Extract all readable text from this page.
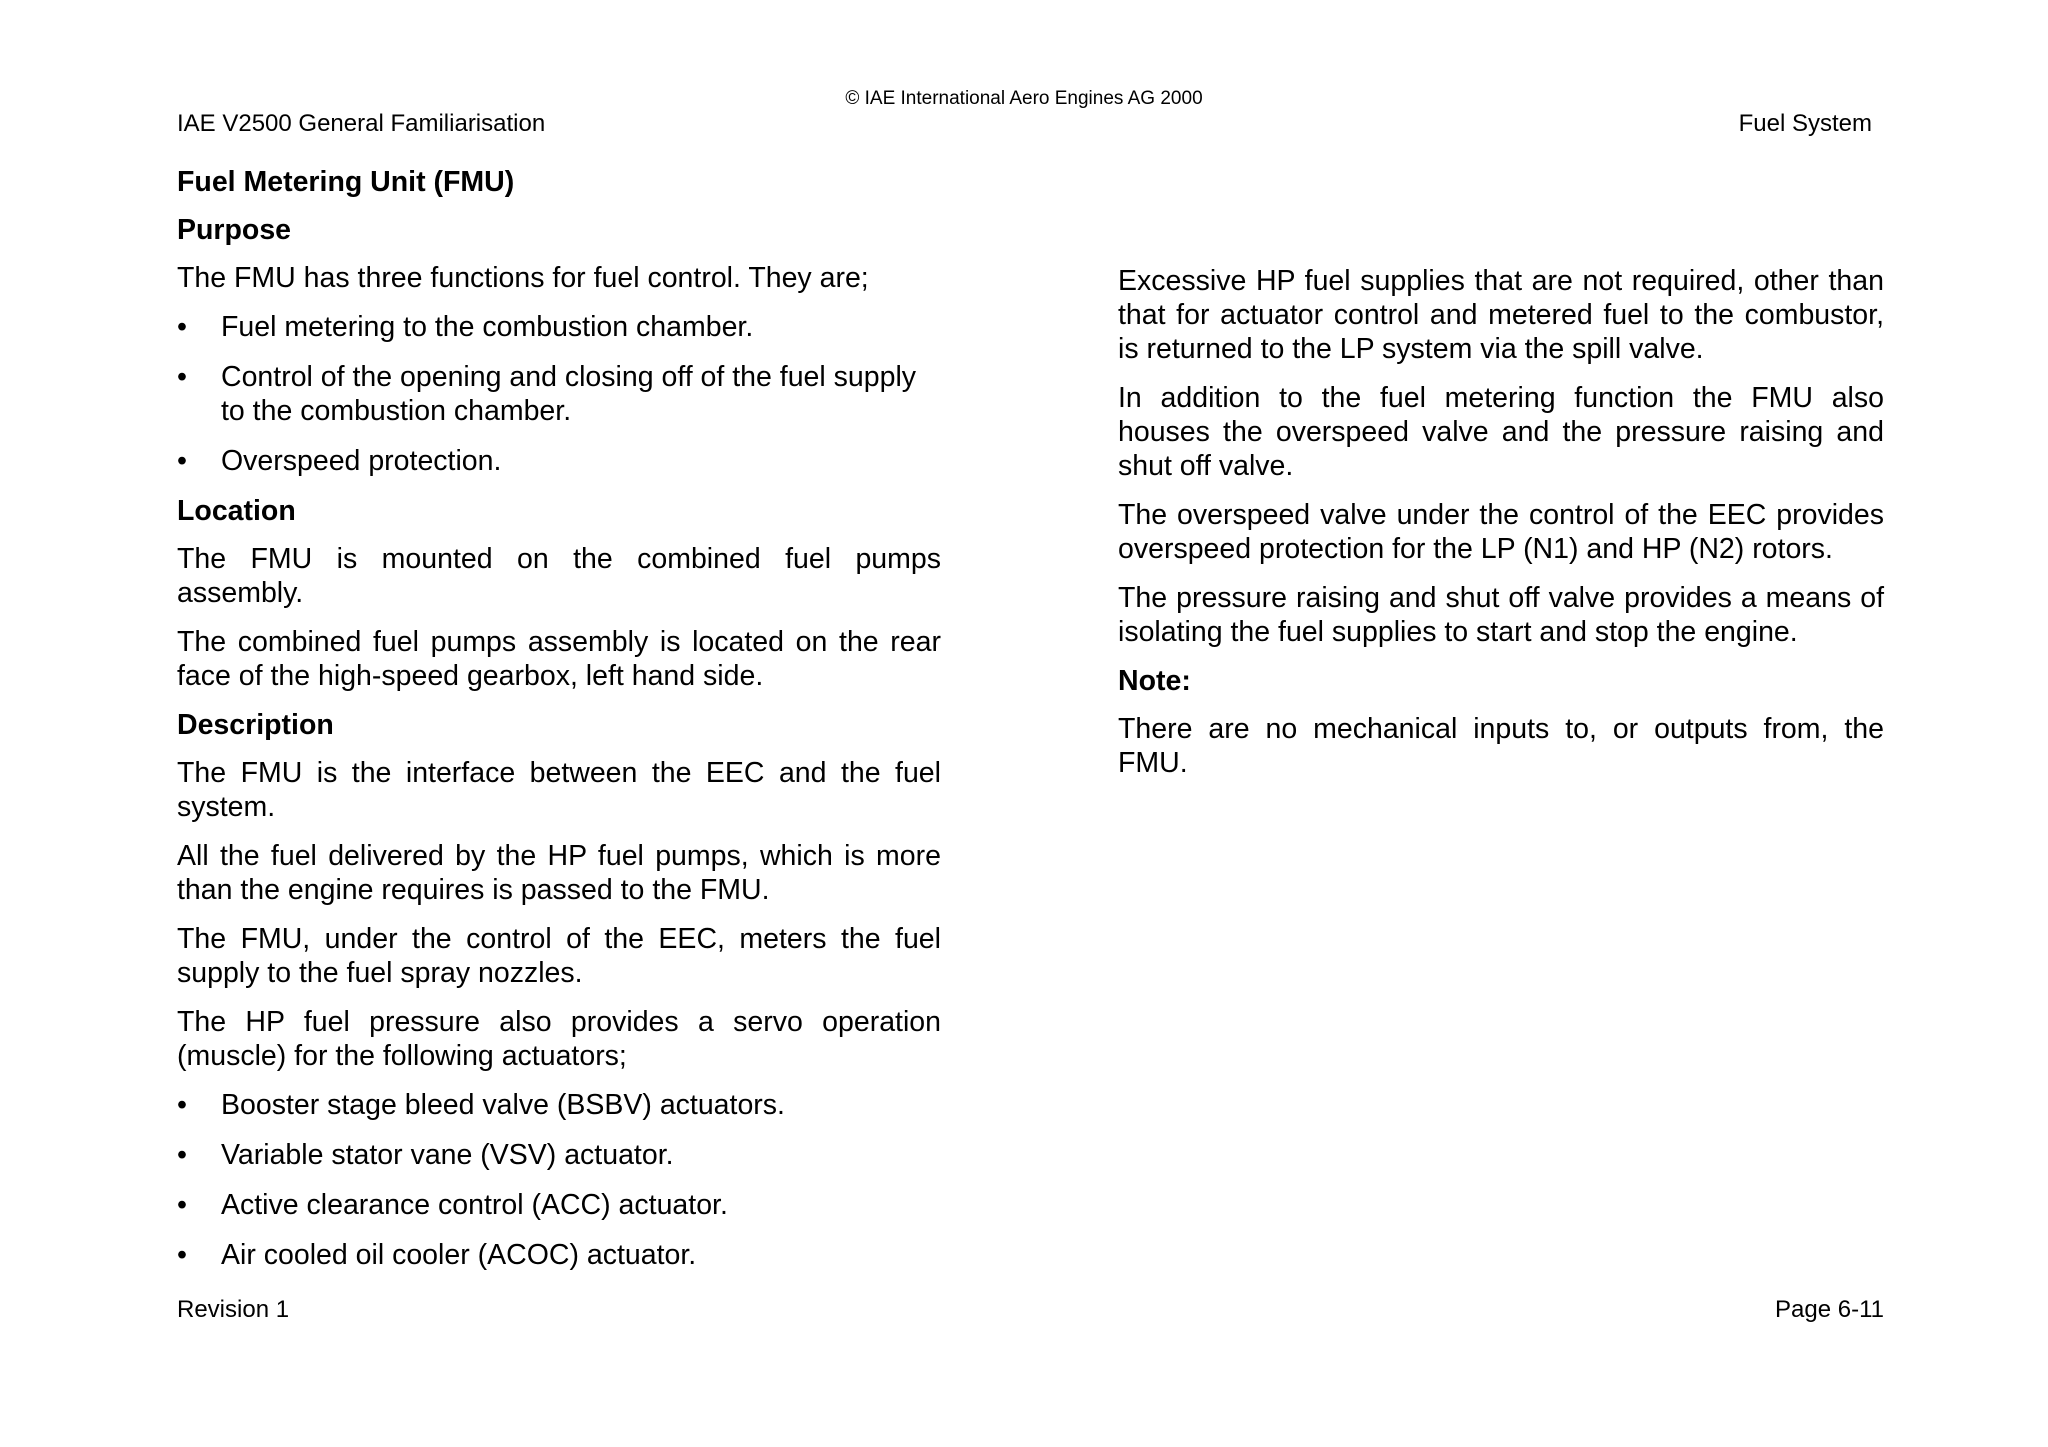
© IAE International Aero Engines AG 2000
IAE V2500 General Familiarisation	Fuel System
Fuel Metering Unit (FMU)
Purpose

The FMU has three functions for fuel control. They are;

•	Fuel metering to the combustion chamber.
•	Control of the opening and closing off of the fuel supply to the combustion chamber.
•	Overspeed protection.
Location

The FMU is mounted on the combined fuel pumps assembly.

The combined fuel pumps assembly is located on the rear face of the high-speed gearbox, left hand side.

Description

The FMU is the interface between the EEC and the fuel system.

All the fuel delivered by the HP fuel pumps, which is more than the engine requires is passed to the FMU.

The FMU, under the control of the EEC, meters the fuel supply to the fuel spray nozzles.

The HP fuel pressure also provides a servo operation (muscle) for the following actuators;

•	Booster stage bleed valve (BSBV) actuators.
•	Variable stator vane (VSV) actuator.
•	Active clearance control (ACC) actuator.
•	Air cooled oil cooler (ACOC) actuator.

Excessive HP fuel supplies that are not required, other than that for actuator control and metered fuel to the combustor, is returned to the LP system via the spill valve.

In addition to the fuel metering function the FMU also houses the overspeed valve and the pressure raising and shut off valve.

The overspeed valve under the control of the EEC provides overspeed protection for the LP (N1) and HP (N2) rotors.

The pressure raising and shut off valve provides a means of isolating the fuel supplies to start and stop the engine.

Note:

There are no mechanical inputs to, or outputs from, the FMU.

Revision 1	Page 6-11
